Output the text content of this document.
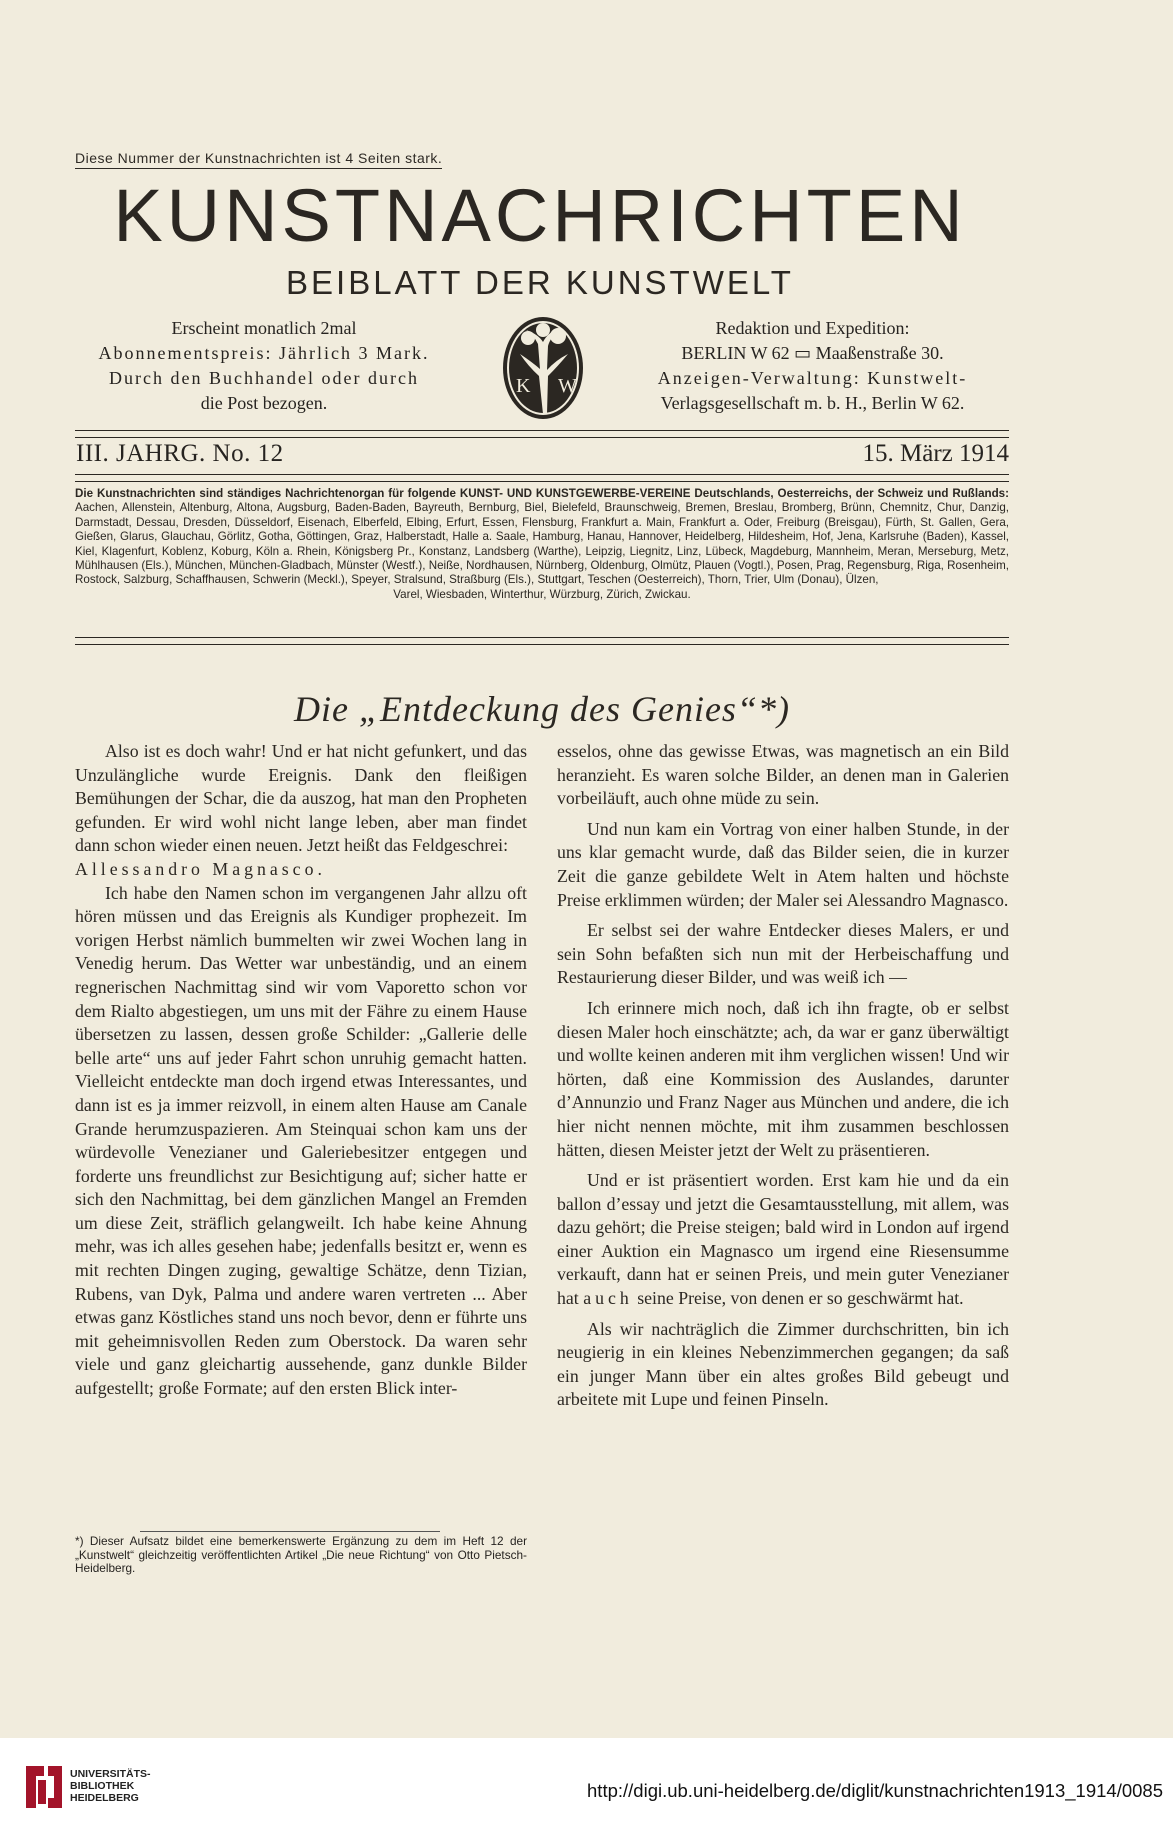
Diese Nummer der Kunstnachrichten ist 4 Seiten stark.
KUNSTNACHRICHTEN
BEIBLATT DER KUNSTWELT
Erscheint monatlich 2mal
Abonnementspreis: Jährlich 3 Mark.
Durch den Buchhandel oder durch
die Post bezogen.
K W
Redaktion und Expedition:
BERLIN W 62 ▭ Maaßenstraße 30.
Anzeigen-Verwaltung: Kunstwelt-
Verlagsgesellschaft m. b. H., Berlin W 62.
III. JAHRG. No. 12	15. März 1914
Die Kunstnachrichten sind ständiges Nachrichtenorgan für folgende KUNST- UND KUNSTGEWERBE-VEREINE Deutschlands, Oesterreichs, der Schweiz und Rußlands: Aachen, Allenstein, Altenburg, Altona, Augsburg, Baden-Baden, Bayreuth, Bernburg, Biel, Bielefeld, Braunschweig, Bremen, Breslau, Bromberg, Brünn, Chemnitz, Chur, Danzig, Darmstadt, Dessau, Dresden, Düsseldorf, Eisenach, Elberfeld, Elbing, Erfurt, Essen, Flensburg, Frankfurt a. Main, Frankfurt a. Oder, Freiburg (Breisgau), Fürth, St. Gallen, Gera, Gießen, Glarus, Glauchau, Görlitz, Gotha, Göttingen, Graz, Halberstadt, Halle a. Saale, Hamburg, Hanau, Hannover, Heidelberg, Hildesheim, Hof, Jena, Karlsruhe (Baden), Kassel, Kiel, Klagenfurt, Koblenz, Koburg, Köln a. Rhein, Königsberg Pr., Konstanz, Landsberg (Warthe), Leipzig, Liegnitz, Linz, Lübeck, Magdeburg, Mannheim, Meran, Merseburg, Metz, Mühlhausen (Els.), München, München-Gladbach, Münster (Westf.), Neiße, Nordhausen, Nürnberg, Oldenburg, Olmütz, Plauen (Vogtl.), Posen, Prag, Regensburg, Riga, Rosenheim, Rostock, Salzburg, Schaffhausen, Schwerin (Meckl.), Speyer, Stralsund, Straßburg (Els.), Stuttgart, Teschen (Oesterreich), Thorn, Trier, Ulm (Donau), Ülzen,
Varel, Wiesbaden, Winterthur, Würzburg, Zürich, Zwickau.
Die „Entdeckung des Genies“*)

Also ist es doch wahr! Und er hat nicht gefunkert, und das Unzulängliche wurde Ereignis. Dank den fleißigen Bemühungen der Schar, die da auszog, hat man den Propheten gefunden. Er wird wohl nicht lange leben, aber man findet dann schon wieder einen neuen. Jetzt heißt das Feldgeschrei:
Allessandro Magnasco.

Ich habe den Namen schon im vergangenen Jahr allzu oft hören müssen und das Ereignis als Kundiger prophezeit. Im vorigen Herbst nämlich bummelten wir zwei Wochen lang in Venedig herum. Das Wetter war unbeständig, und an einem regnerischen Nachmittag sind wir vom Vaporetto schon vor dem Rialto abgestiegen, um uns mit der Fähre zu einem Hause übersetzen zu lassen, dessen große Schilder: „Gallerie delle belle arte“ uns auf jeder Fahrt schon unruhig gemacht hatten. Vielleicht entdeckte man doch irgend etwas Interessantes, und dann ist es ja immer reizvoll, in einem alten Hause am Canale Grande herumzuspazieren. Am Steinquai schon kam uns der würdevolle Venezianer und Galeriebesitzer entgegen und forderte uns freundlichst zur Besichtigung auf; sicher hatte er sich den Nachmittag, bei dem gänzlichen Mangel an Fremden um diese Zeit, sträflich gelangweilt. Ich habe keine Ahnung mehr, was ich alles gesehen habe; jedenfalls besitzt er, wenn es mit rechten Dingen zuging, gewaltige Schätze, denn Tizian, Rubens, van Dyk, Palma und andere waren vertreten ... Aber etwas ganz Köstliches stand uns noch bevor, denn er führte uns mit geheimnisvollen Reden zum Oberstock. Da waren sehr viele und ganz gleichartig aussehende, ganz dunkle Bilder aufgestellt; große Formate; auf den ersten Blick inter-

*) Dieser Aufsatz bildet eine bemerkenswerte Ergänzung zu dem im Heft 12 der „Kunstwelt“ gleichzeitig veröffentlichten Artikel „Die neue Richtung“ von Otto Pietsch-Heidelberg.

esselos, ohne das gewisse Etwas, was magnetisch an ein Bild heranzieht. Es waren solche Bilder, an denen man in Galerien vorbeiläuft, auch ohne müde zu sein.

Und nun kam ein Vortrag von einer halben Stunde, in der uns klar gemacht wurde, daß das Bilder seien, die in kurzer Zeit die ganze gebildete Welt in Atem halten und höchste Preise erklimmen würden; der Maler sei Alessandro Magnasco.

Er selbst sei der wahre Entdecker dieses Malers, er und sein Sohn befaßten sich nun mit der Herbeischaffung und Restaurierung dieser Bilder, und was weiß ich —

Ich erinnere mich noch, daß ich ihn fragte, ob er selbst diesen Maler hoch einschätzte; ach, da war er ganz überwältigt und wollte keinen anderen mit ihm verglichen wissen! Und wir hörten, daß eine Kommission des Auslandes, darunter d’Annunzio und Franz Nager aus München und andere, die ich hier nicht nennen möchte, mit ihm zusammen beschlossen hätten, diesen Meister jetzt der Welt zu präsentieren.

Und er ist präsentiert worden. Erst kam hie und da ein ballon d’essay und jetzt die Gesamtausstellung, mit allem, was dazu gehört; die Preise steigen; bald wird in London auf irgend einer Auktion ein Magnasco um irgend eine Riesensumme verkauft, dann hat er seinen Preis, und mein guter Venezianer hat auch seine Preise, von denen er so geschwärmt hat.

Als wir nachträglich die Zimmer durchschritten, bin ich neugierig in ein kleines Nebenzimmerchen gegangen; da saß ein junger Mann über ein altes großes Bild gebeugt und arbeitete mit Lupe und feinen Pinseln.

UNIVERSITÄTS-
BIBLIOTHEK
HEIDELBERG	http://digi.ub.uni-heidelberg.de/diglit/kunstnachrichten1913_1914/0085
